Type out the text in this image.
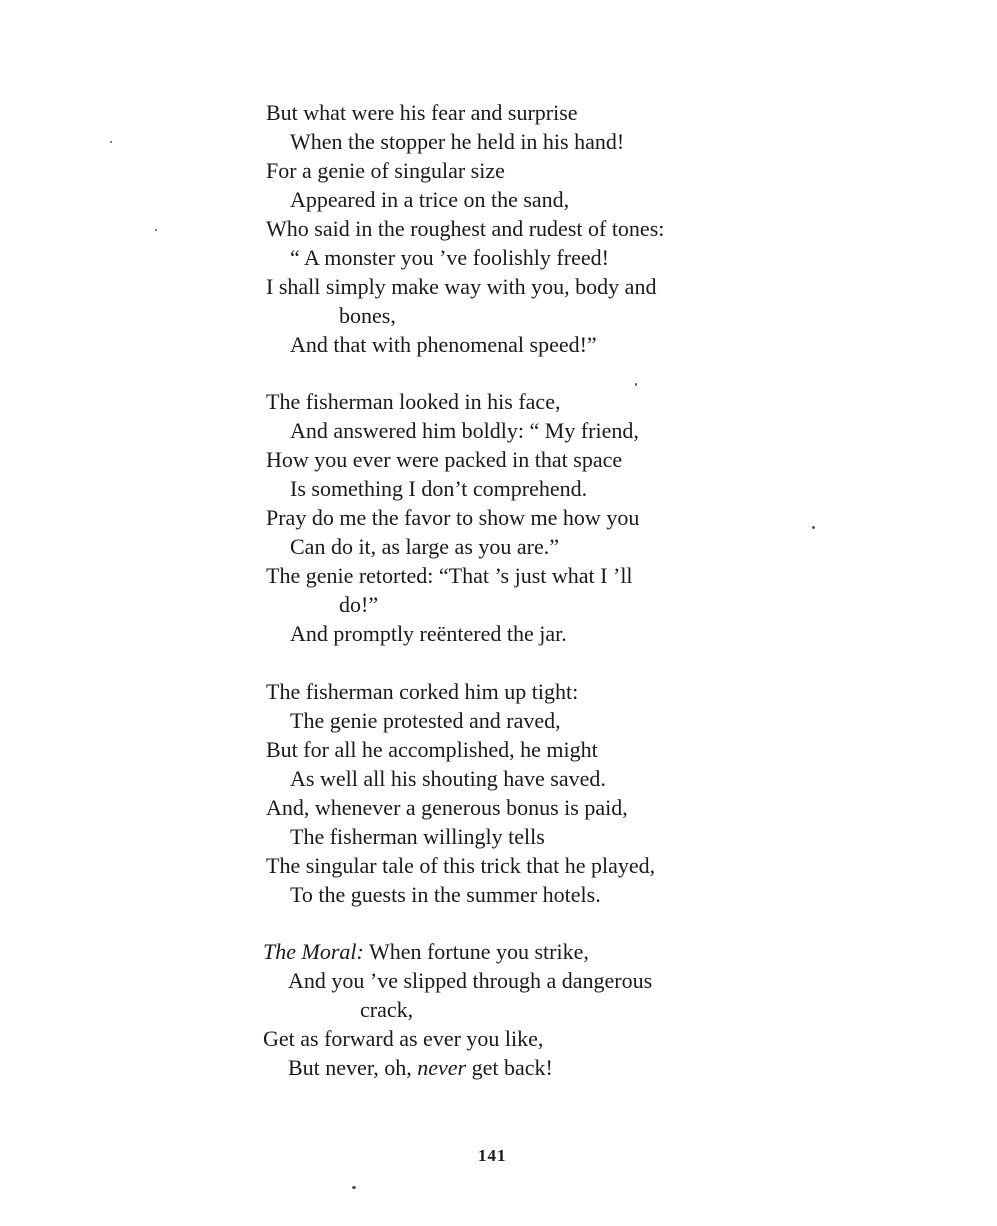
But what were his fear and surprise
When the stopper he held in his hand!
For a genie of singular size
Appeared in a trice on the sand,
Who said in the roughest and rudest of tones:
“ A monster you ’ve foolishly freed!
I shall simply make way with you, body and
bones,
And that with phenomenal speed!”
The fisherman looked in his face,
And answered him boldly: “ My friend,
How you ever were packed in that space
Is something I don’t comprehend.
Pray do me the favor to show me how you
Can do it, as large as you are.”
The genie retorted: “That ’s just what I ’ll
do!”
And promptly reëntered the jar.
The fisherman corked him up tight:
The genie protested and raved,
But for all he accomplished, he might
As well all his shouting have saved.
And, whenever a generous bonus is paid,
The fisherman willingly tells
The singular tale of this trick that he played,
To the guests in the summer hotels.
The Moral: When fortune you strike,
And you ’ve slipped through a dangerous
crack,
Get as forward as ever you like,
But never, oh, never get back!
141
